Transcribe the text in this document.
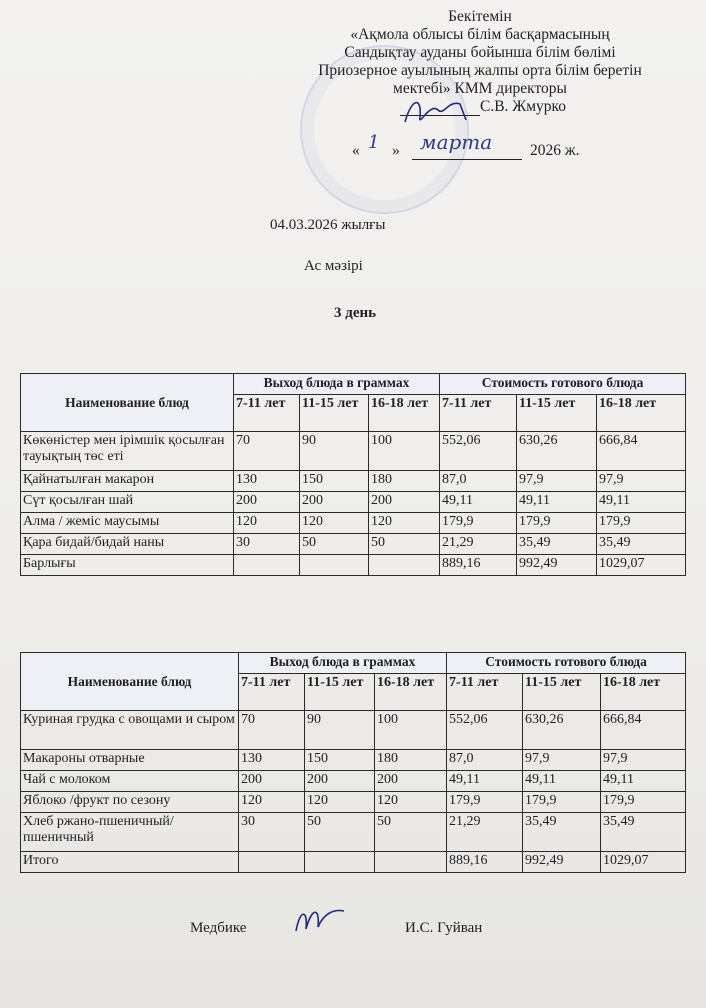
Бекітемін
«Ақмола облысы білім басқармасының
Сандықтау ауданы бойынша білім бөлімі
Приозерное ауылының жалпы орта білім беретін
мектебі» КММ директоры
С.В. Жмурко
« 1 » марта 2026 ж.
04.03.2026 жылғы
Ас мәзірі
3 день
Наименование блюд	Выход блюда в граммах			Стоимость готового блюда		
	7-11 лет	11-15 лет	16-18 лет	7-11 лет	11-15 лет	16-18 лет
Көкөністер мен ірімшік қосылған тауықтың төс еті	70	90	100	552,06	630,26	666,84
Қайнатылған макарон	130	150	180	87,0	97,9	97,9
Сүт қосылған шай	200	200	200	49,11	49,11	49,11
Алма / жеміс маусымы	120	120	120	179,9	179,9	179,9
Қара бидай/бидай наны	30	50	50	21,29	35,49	35,49
Барлығы				889,16	992,49	1029,07
Наименование блюд	Выход блюда в граммах			Стоимость готового блюда		
	7-11 лет	11-15 лет	16-18 лет	7-11 лет	11-15 лет	16-18 лет
Куриная грудка с овощами и сыром	70	90	100	552,06	630,26	666,84
Макароны отварные	130	150	180	87,0	97,9	97,9
Чай с молоком	200	200	200	49,11	49,11	49,11
Яблоко /фрукт по сезону	120	120	120	179,9	179,9	179,9
Хлеб ржано-пшеничный/пшеничный	30	50	50	21,29	35,49	35,49
Итого				889,16	992,49	1029,07
Медбике	И.С. Гуйван
